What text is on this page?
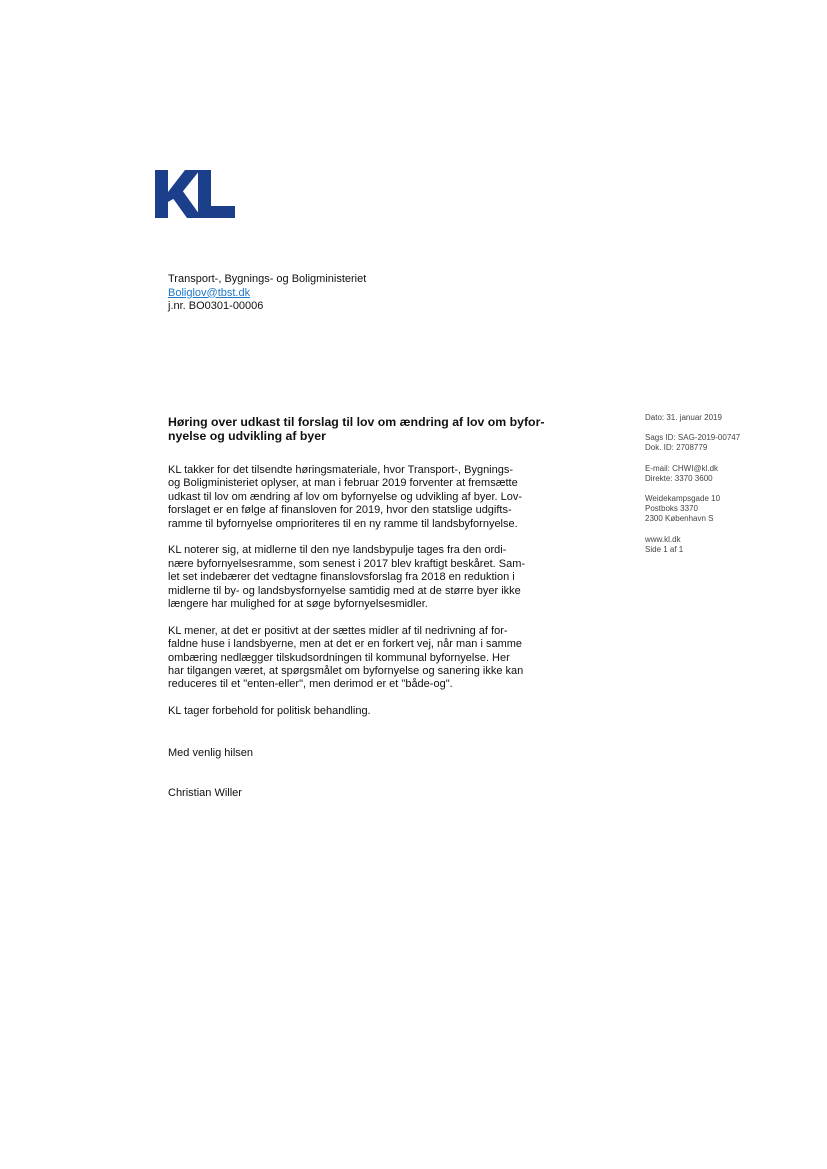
Transport-, Bygnings- og Boligministeriet
Boliglov@tbst.dk
j.nr. BO0301-00006
Høring over udkast til forslag til lov om ændring af lov om byfor-
nyelse og udvikling af byer
KL takker for det tilsendte høringsmateriale, hvor Transport-, Bygnings-
og Boligministeriet oplyser, at man i februar 2019 forventer at fremsætte
udkast til lov om ændring af lov om byfornyelse og udvikling af byer. Lov-
forslaget er en følge af finansloven for 2019, hvor den statslige udgifts-
ramme til byfornyelse omprioriteres til en ny ramme til landsbyfornyelse.
KL noterer sig, at midlerne til den nye landsbypulje tages fra den ordi-
nære byfornyelsesramme, som senest i 2017 blev kraftigt beskåret. Sam-
let set indebærer det vedtagne finanslovsforslag fra 2018 en reduktion i
midlerne til by- og landsbysfornyelse samtidig med at de større byer ikke
længere har mulighed for at søge byfornyelsesmidler.
KL mener, at det er positivt at der sættes midler af til nedrivning af for-
faldne huse i landsbyerne, men at det er en forkert vej, når man i samme
ombæring nedlægger tilskudsordningen til kommunal byfornyelse. Her
har tilgangen været, at spørgsmålet om byfornyelse og sanering ikke kan
reduceres til et "enten-eller", men derimod er et "både-og".
KL tager forbehold for politisk behandling.
Med venlig hilsen
Christian Willer
Dato: 31. januar 2019
Sags ID: SAG-2019-00747
Dok. ID: 2708779
E-mail: CHWI@kl.dk
Direkte: 3370 3600
Weidekampsgade 10
Postboks 3370
2300 København S
www.kl.dk
Side 1 af 1
